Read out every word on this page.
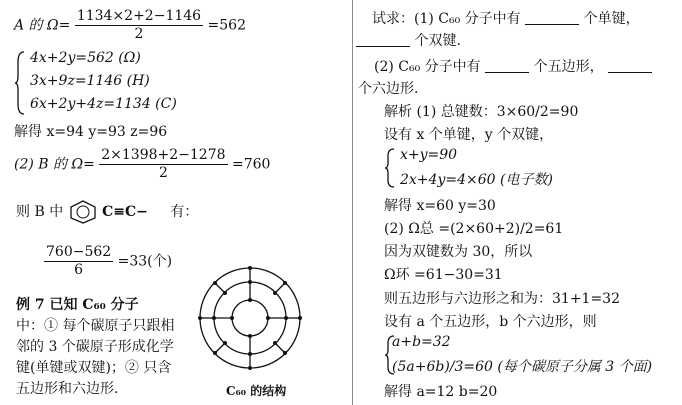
A 的 $\Omega= \frac{1134\times 2+2-1146}{2} =562$
4x+2y=562 (Ω)
3x+9z=1146 (H)
6x+2y+4z=1134 (C)
解得 x=94 y=93 z=96
(2) B 的 $\Omega= \frac{2\times 1398+2-1278}{2} =760$
则 B 中	C≡C− 有：
$\frac{760-562}{6} =33$(个)
例 7 已知 C₆₀ 分子
中：① 每个碳原子只跟相
邻的 3 个碳原子形成化学
键(单键或双键)；② 只含
五边形和六边形.	C₆₀ 的结构
试求：(1) C₆₀ 分子中有	个单键，
个双键.
(2) C₆₀ 分子中有	个五边形，
个六边形.
解析 (1) 总键数：3×60/2=90
设有 x 个单键，y 个双键，
x+y=90
2x+4y=4×60 (电子数)
解得 x=60 y=30
(2) Ω总 =(2×60+2)/2=61
因为双键数为 30，所以
Ω环 =61−30=31
则五边形与六边形之和为：31+1=32
设有 a 个五边形，b 个六边形，则
a+b=32
(5a+6b)/3=60 (每个碳原子分属 3 个面)
解得 a=12 b=20
